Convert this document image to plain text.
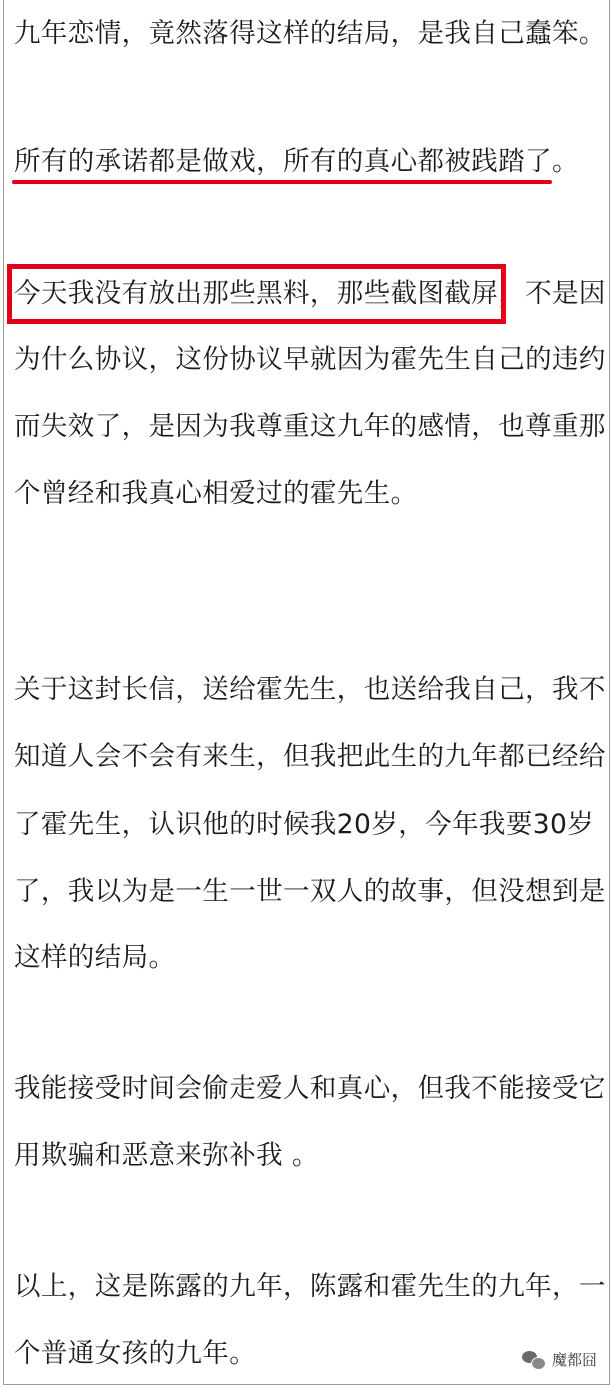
九年恋情，竟然落得这样的结局，是我自己蠢笨。
所有的承诺都是做戏，所有的真心都被践踏了。
今天我没有放出那些黑料，那些截图截屏，不是因
为什么协议，这份协议早就因为霍先生自己的违约
而失效了，是因为我尊重这九年的感情，也尊重那
个曾经和我真心相爱过的霍先生。
关于这封长信，送给霍先生，也送给我自己，我不
知道人会不会有来生，但我把此生的九年都已经给
了霍先生，认识他的时候我20岁，今年我要30岁
了，我以为是一生一世一双人的故事，但没想到是
这样的结局。
我能接受时间会偷走爱人和真心，但我不能接受它
用欺骗和恶意来弥补我 。
以上，这是陈露的九年，陈露和霍先生的九年，一
个普通女孩的九年。	魔都囧
